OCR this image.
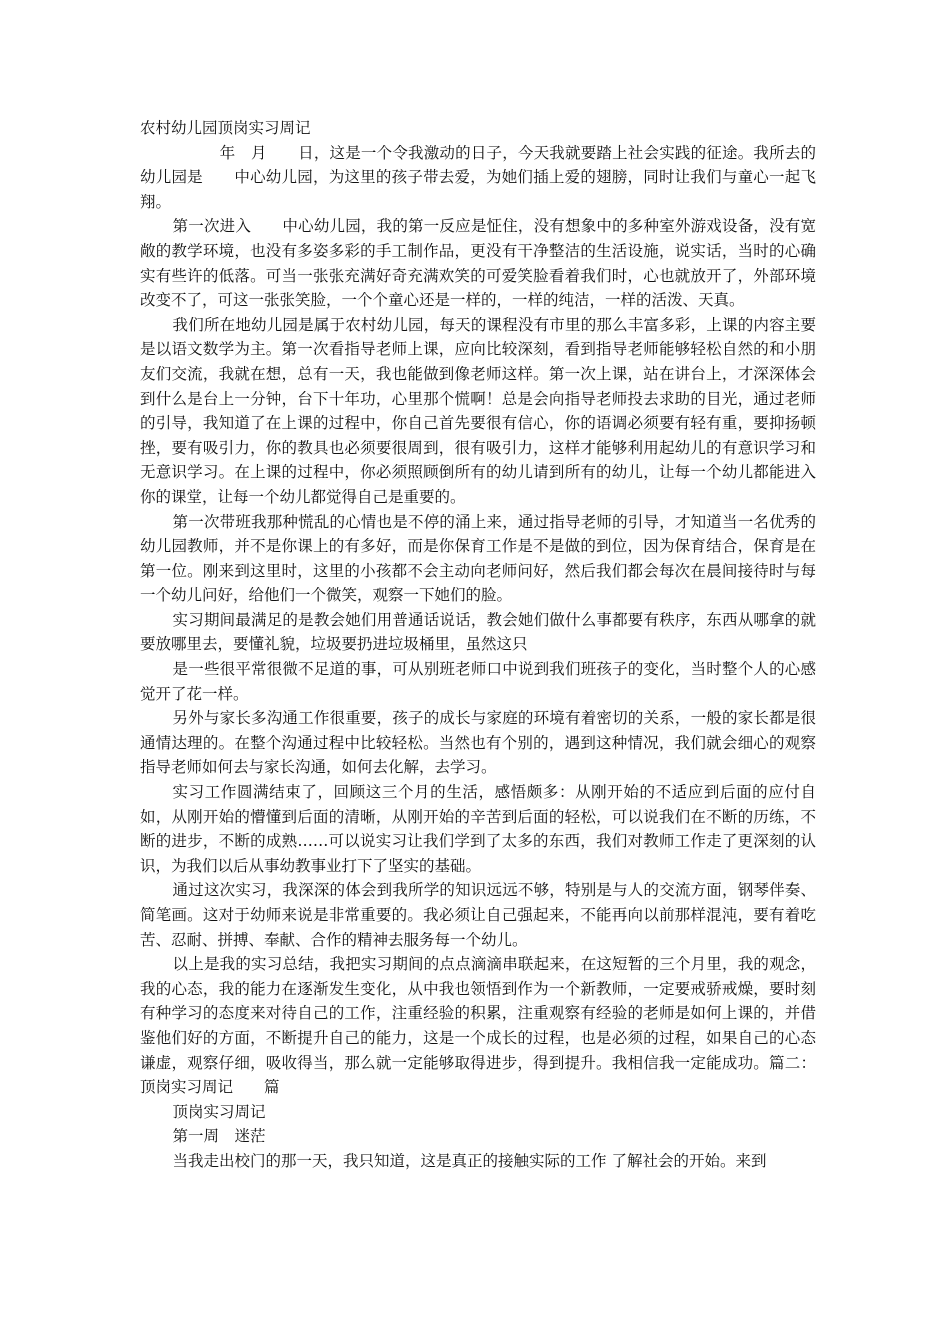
农村幼儿园顶岗实习周记

　　　年　月　　日，这是一个令我激动的日子，今天我就要踏上社会实践的征途。我所去的幼儿园是　　中心幼儿园，为这里的孩子带去爱，为她们插上爱的翅膀，同时让我们与童心一起飞翔。

第一次进入　　中心幼儿园，我的第一反应是怔住，没有想象中的多种室外游戏设备，没有宽敞的教学环境，也没有多姿多彩的手工制作品，更没有干净整洁的生活设施，说实话，当时的心确实有些许的低落。可当一张张充满好奇充满欢笑的可爱笑脸看着我们时，心也就放开了，外部环境改变不了，可这一张张笑脸，一个个童心还是一样的，一样的纯洁，一样的活泼、天真。

我们所在地幼儿园是属于农村幼儿园，每天的课程没有市里的那么丰富多彩，上课的内容主要是以语文数学为主。第一次看指导老师上课，应向比较深刻，看到指导老师能够轻松自然的和小朋友们交流，我就在想，总有一天，我也能做到像老师这样。第一次上课，站在讲台上，才深深体会到什么是台上一分钟，台下十年功，心里那个慌啊！总是会向指导老师投去求助的目光，通过老师的引导，我知道了在上课的过程中，你自己首先要很有信心，你的语调必须要有轻有重，要抑扬顿挫，要有吸引力，你的教具也必须要很周到，很有吸引力，这样才能够利用起幼儿的有意识学习和无意识学习。在上课的过程中，你必须照顾倒所有的幼儿请到所有的幼儿，让每一个幼儿都能进入你的课堂，让每一个幼儿都觉得自己是重要的。

第一次带班我那种慌乱的心情也是不停的涌上来，通过指导老师的引导，才知道当一名优秀的幼儿园教师，并不是你课上的有多好，而是你保育工作是不是做的到位，因为保育结合，保育是在第一位。刚来到这里时，这里的小孩都不会主动向老师问好，然后我们都会每次在晨间接待时与每一个幼儿问好，给他们一个微笑，观察一下她们的脸。

实习期间最满足的是教会她们用普通话说话，教会她们做什么事都要有秩序，东西从哪拿的就要放哪里去，要懂礼貌，垃圾要扔进垃圾桶里，虽然这只

是一些很平常很微不足道的事，可从别班老师口中说到我们班孩子的变化，当时整个人的心感觉开了花一样。

另外与家长多沟通工作很重要，孩子的成长与家庭的环境有着密切的关系，一般的家长都是很通情达理的。在整个沟通过程中比较轻松。当然也有个别的，遇到这种情况，我们就会细心的观察指导老师如何去与家长沟通，如何去化解，去学习。

实习工作圆满结束了，回顾这三个月的生活，感悟颇多：从刚开始的不适应到后面的应付自如，从刚开始的懵懂到后面的清晰，从刚开始的辛苦到后面的轻松，可以说我们在不断的历练，不断的进步，不断的成熟……可以说实习让我们学到了太多的东西，我们对教师工作走了更深刻的认识，为我们以后从事幼教事业打下了坚实的基础。

通过这次实习，我深深的体会到我所学的知识远远不够，特别是与人的交流方面，钢琴伴奏、简笔画。这对于幼师来说是非常重要的。我必须让自己强起来，不能再向以前那样混沌，要有着吃苦、忍耐、拼搏、奉献、合作的精神去服务每一个幼儿。

以上是我的实习总结，我把实习期间的点点滴滴串联起来，在这短暂的三个月里，我的观念，我的心态，我的能力在逐渐发生变化，从中我也领悟到作为一个新教师，一定要戒骄戒燥，要时刻有种学习的态度来对待自己的工作，注重经验的积累，注重观察有经验的老师是如何上课的，并借鉴他们好的方面，不断提升自己的能力，这是一个成长的过程，也是必须的过程，如果自己的心态谦虚，观察仔细，吸收得当，那么就一定能够取得进步，得到提升。我相信我一定能成功。篇二：顶岗实习周记　　篇

顶岗实习周记

第一周　迷茫

当我走出校门的那一天，我只知道，这是真正的接触实际的工作 了解社会的开始。来到
